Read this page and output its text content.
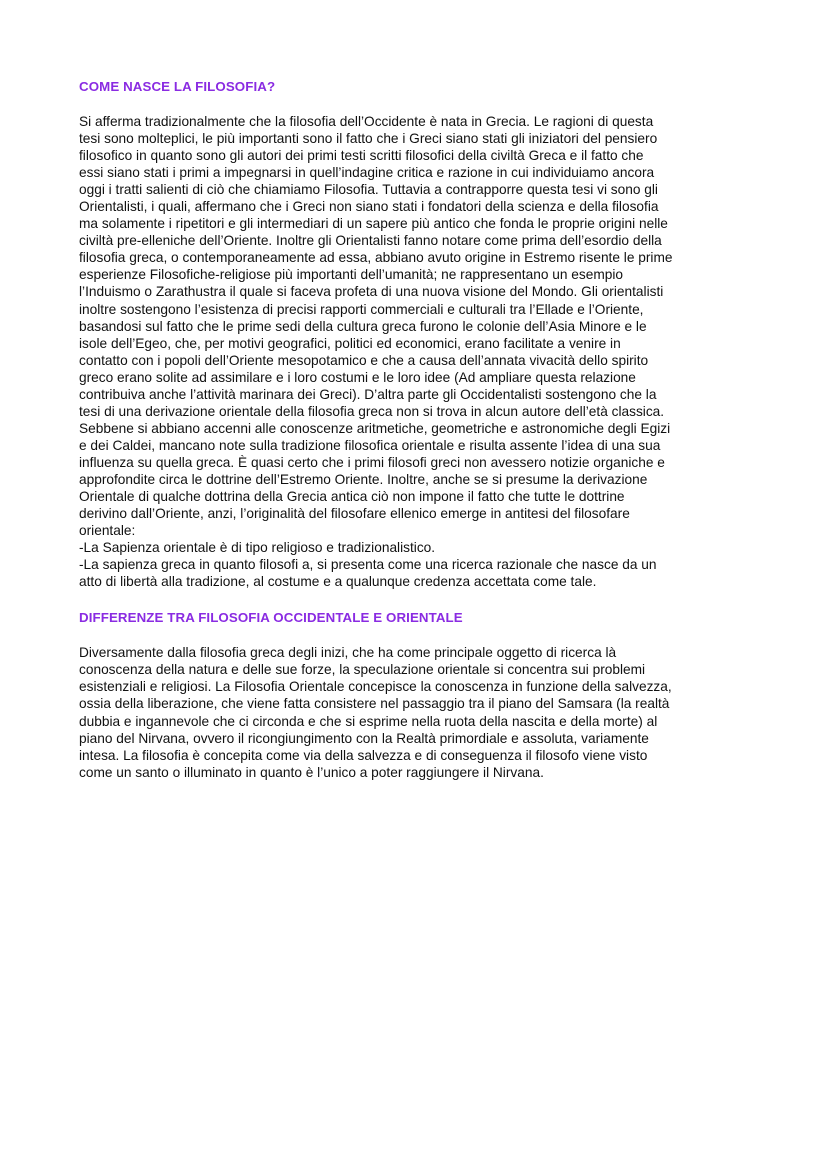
COME NASCE LA FILOSOFIA?
Si afferma tradizionalmente che la filosofia dell’Occidente è nata in Grecia. Le ragioni di questa
tesi sono molteplici, le più importanti sono il fatto che i Greci siano stati gli iniziatori del pensiero
filosofico in quanto sono gli autori dei primi testi scritti filosofici della civiltà Greca e il fatto che
essi siano stati i primi a impegnarsi in quell’indagine critica e razione in cui individuiamo ancora
oggi i tratti salienti di ciò che chiamiamo Filosofia. Tuttavia a contrapporre questa tesi vi sono gli
Orientalisti, i quali, affermano che i Greci non siano stati i fondatori della scienza e della filosofia
ma solamente i ripetitori e gli intermediari di un sapere più antico che fonda le proprie origini nelle
civiltà pre-elleniche dell’Oriente. Inoltre gli Orientalisti fanno notare come prima dell’esordio della
filosofia greca, o contemporaneamente ad essa, abbiano avuto origine in Estremo risente le prime
esperienze Filosofiche-religiose più importanti dell’umanità; ne rappresentano un esempio
l’Induismo o Zarathustra il quale si faceva profeta di una nuova visione del Mondo. Gli orientalisti
inoltre sostengono l’esistenza di precisi rapporti commerciali e culturali tra l’Ellade e l’Oriente,
basandosi sul fatto che le prime sedi della cultura greca furono le colonie dell’Asia Minore e le
isole dell’Egeo, che, per motivi geografici, politici ed economici, erano facilitate a venire in
contatto con i popoli dell’Oriente mesopotamico e che a causa dell’annata vivacità dello spirito
greco erano solite ad assimilare e i loro costumi e le loro idee (Ad ampliare questa relazione
contribuiva anche l’attività marinara dei Greci). D’altra parte gli Occidentalisti sostengono che la
tesi di una derivazione orientale della filosofia greca non si trova in alcun autore dell’età classica.
Sebbene si abbiano accenni alle conoscenze aritmetiche, geometriche e astronomiche degli Egizi
e dei Caldei, mancano note sulla tradizione filosofica orientale e risulta assente l’idea di una sua
influenza su quella greca. È quasi certo che i primi filosofi greci non avessero notizie organiche e
approfondite circa le dottrine dell’Estremo Oriente. Inoltre, anche se si presume la derivazione
Orientale di qualche dottrina della Grecia antica ciò non impone il fatto che tutte le dottrine
derivino dall’Oriente, anzi, l’originalità del filosofare ellenico emerge in antitesi del filosofare
orientale:
-La Sapienza orientale è di tipo religioso e tradizionalistico.
-La sapienza greca in quanto filosofi a, si presenta come una ricerca razionale che nasce da un
atto di libertà alla tradizione, al costume e a qualunque credenza accettata come tale.
DIFFERENZE TRA FILOSOFIA OCCIDENTALE E ORIENTALE
Diversamente dalla filosofia greca degli inizi, che ha come principale oggetto di ricerca là
conoscenza della natura e delle sue forze, la speculazione orientale si concentra sui problemi
esistenziali e religiosi. La Filosofia Orientale concepisce la conoscenza in funzione della salvezza,
ossia della liberazione, che viene fatta consistere nel passaggio tra il piano del Samsara (la realtà
dubbia e ingannevole che ci circonda e che si esprime nella ruota della nascita e della morte) al
piano del Nirvana, ovvero il ricongiungimento con la Realtà primordiale e assoluta, variamente
intesa. La filosofia è concepita come via della salvezza e di conseguenza il filosofo viene visto
come un santo o illuminato in quanto è l’unico a poter raggiungere il Nirvana.
